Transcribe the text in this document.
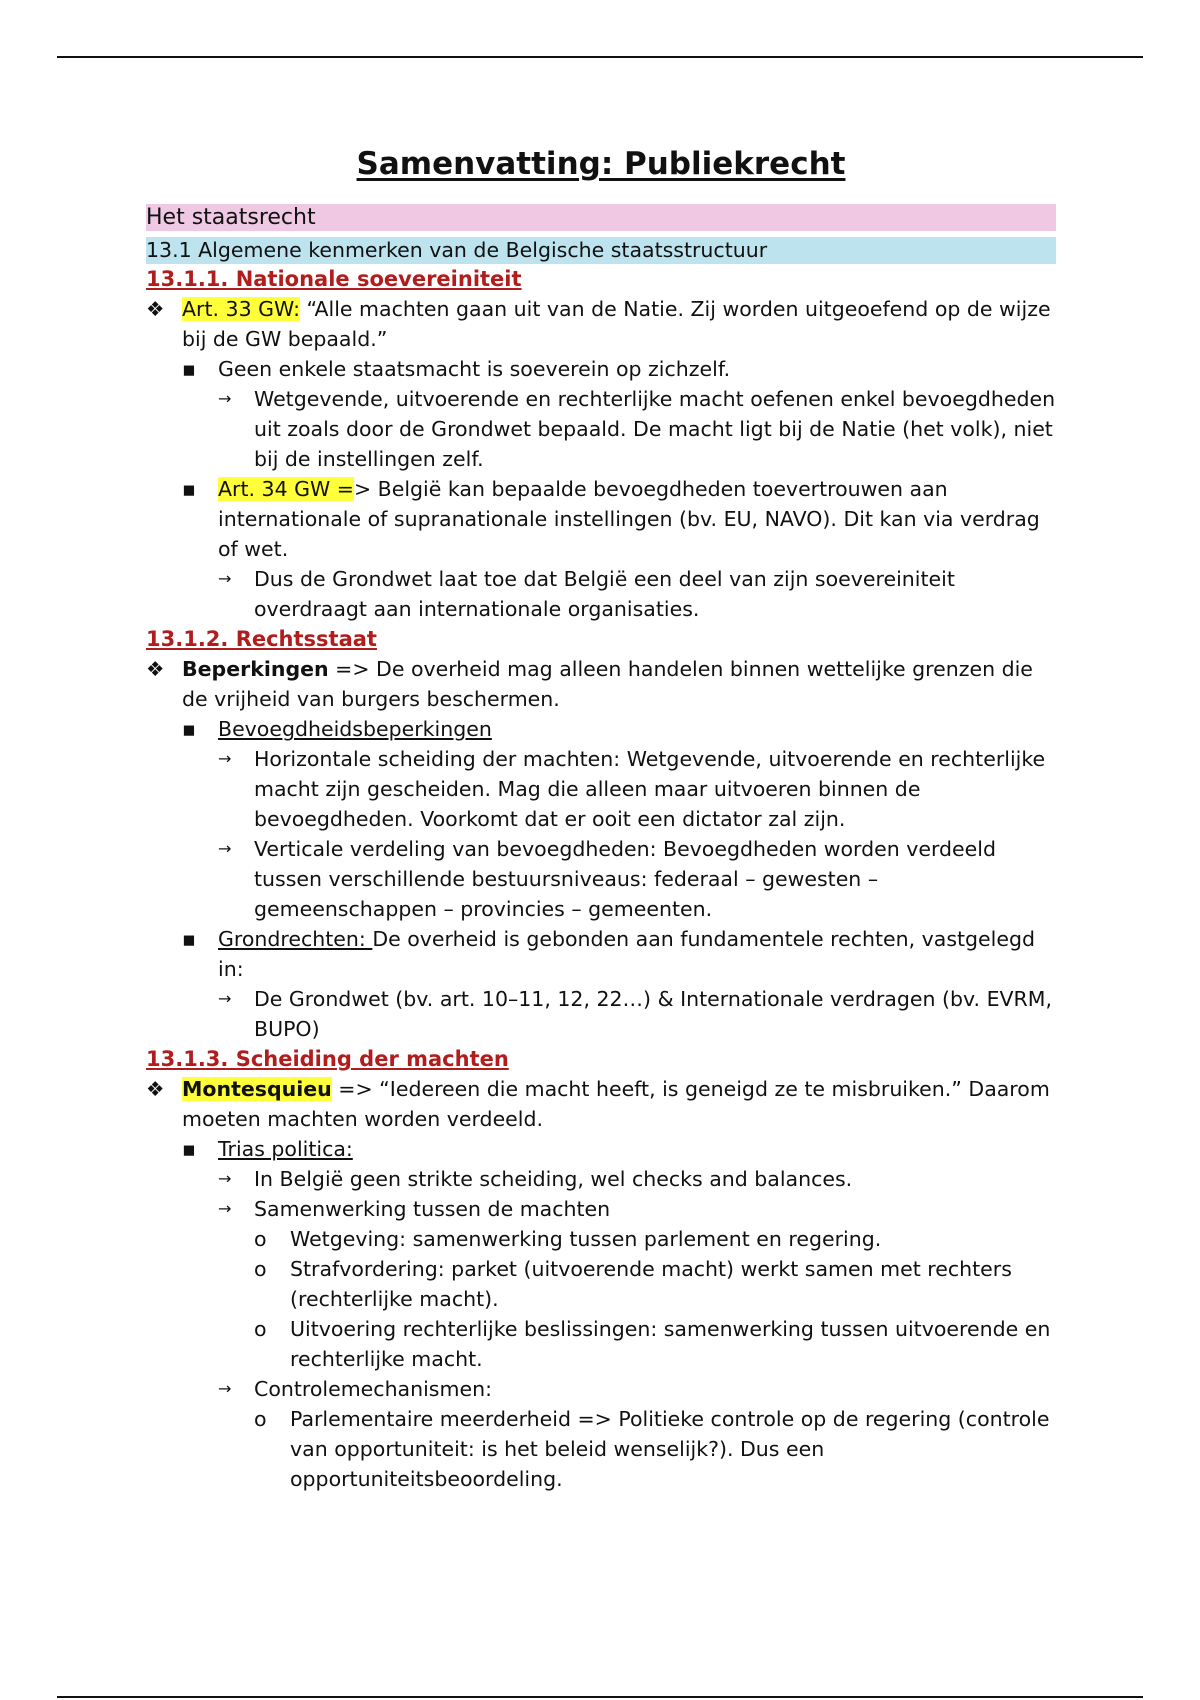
Samenvatting: Publiekrecht
Het staatsrecht
13.1 Algemene kenmerken van de Belgische staatsstructuur
13.1.1. Nationale soevereiniteit
❖ Art. 33 GW: “Alle machten gaan uit van de Natie. Zij worden uitgeoefend op de wijze bij de GW bepaald.”
▪ Geen enkele staatsmacht is soeverein op zichzelf.
→ Wetgevende, uitvoerende en rechterlijke macht oefenen enkel bevoegdheden uit zoals door de Grondwet bepaald. De macht ligt bij de Natie (het volk), niet bij de instellingen zelf.
▪ Art. 34 GW => België kan bepaalde bevoegdheden toevertrouwen aan internationale of supranationale instellingen (bv. EU, NAVO). Dit kan via verdrag of wet.
→ Dus de Grondwet laat toe dat België een deel van zijn soevereiniteit overdraagt aan internationale organisaties.
13.1.2. Rechtsstaat
❖ Beperkingen => De overheid mag alleen handelen binnen wettelijke grenzen die de vrijheid van burgers beschermen.
▪ Bevoegdheidsbeperkingen
→ Horizontale scheiding der machten: Wetgevende, uitvoerende en rechterlijke macht zijn gescheiden. Mag die alleen maar uitvoeren binnen de bevoegdheden. Voorkomt dat er ooit een dictator zal zijn.
→ Verticale verdeling van bevoegdheden: Bevoegdheden worden verdeeld tussen verschillende bestuursniveaus: federaal – gewesten – gemeenschappen – provincies – gemeenten.
▪ Grondrechten: De overheid is gebonden aan fundamentele rechten, vastgelegd in:
→ De Grondwet (bv. art. 10–11, 12, 22…) & Internationale verdragen (bv. EVRM, BUPO)
13.1.3. Scheiding der machten
❖ Montesquieu => “Iedereen die macht heeft, is geneigd ze te misbruiken.” Daarom moeten machten worden verdeeld.
▪ Trias politica:
→ In België geen strikte scheiding, wel checks and balances.
→ Samenwerking tussen de machten
o Wetgeving: samenwerking tussen parlement en regering.
o Strafvordering: parket (uitvoerende macht) werkt samen met rechters (rechterlijke macht).
o Uitvoering rechterlijke beslissingen: samenwerking tussen uitvoerende en rechterlijke macht.
→ Controlemechanismen:
o Parlementaire meerderheid => Politieke controle op de regering (controle van opportuniteit: is het beleid wenselijk?). Dus een opportuniteitsbeoordeling.
